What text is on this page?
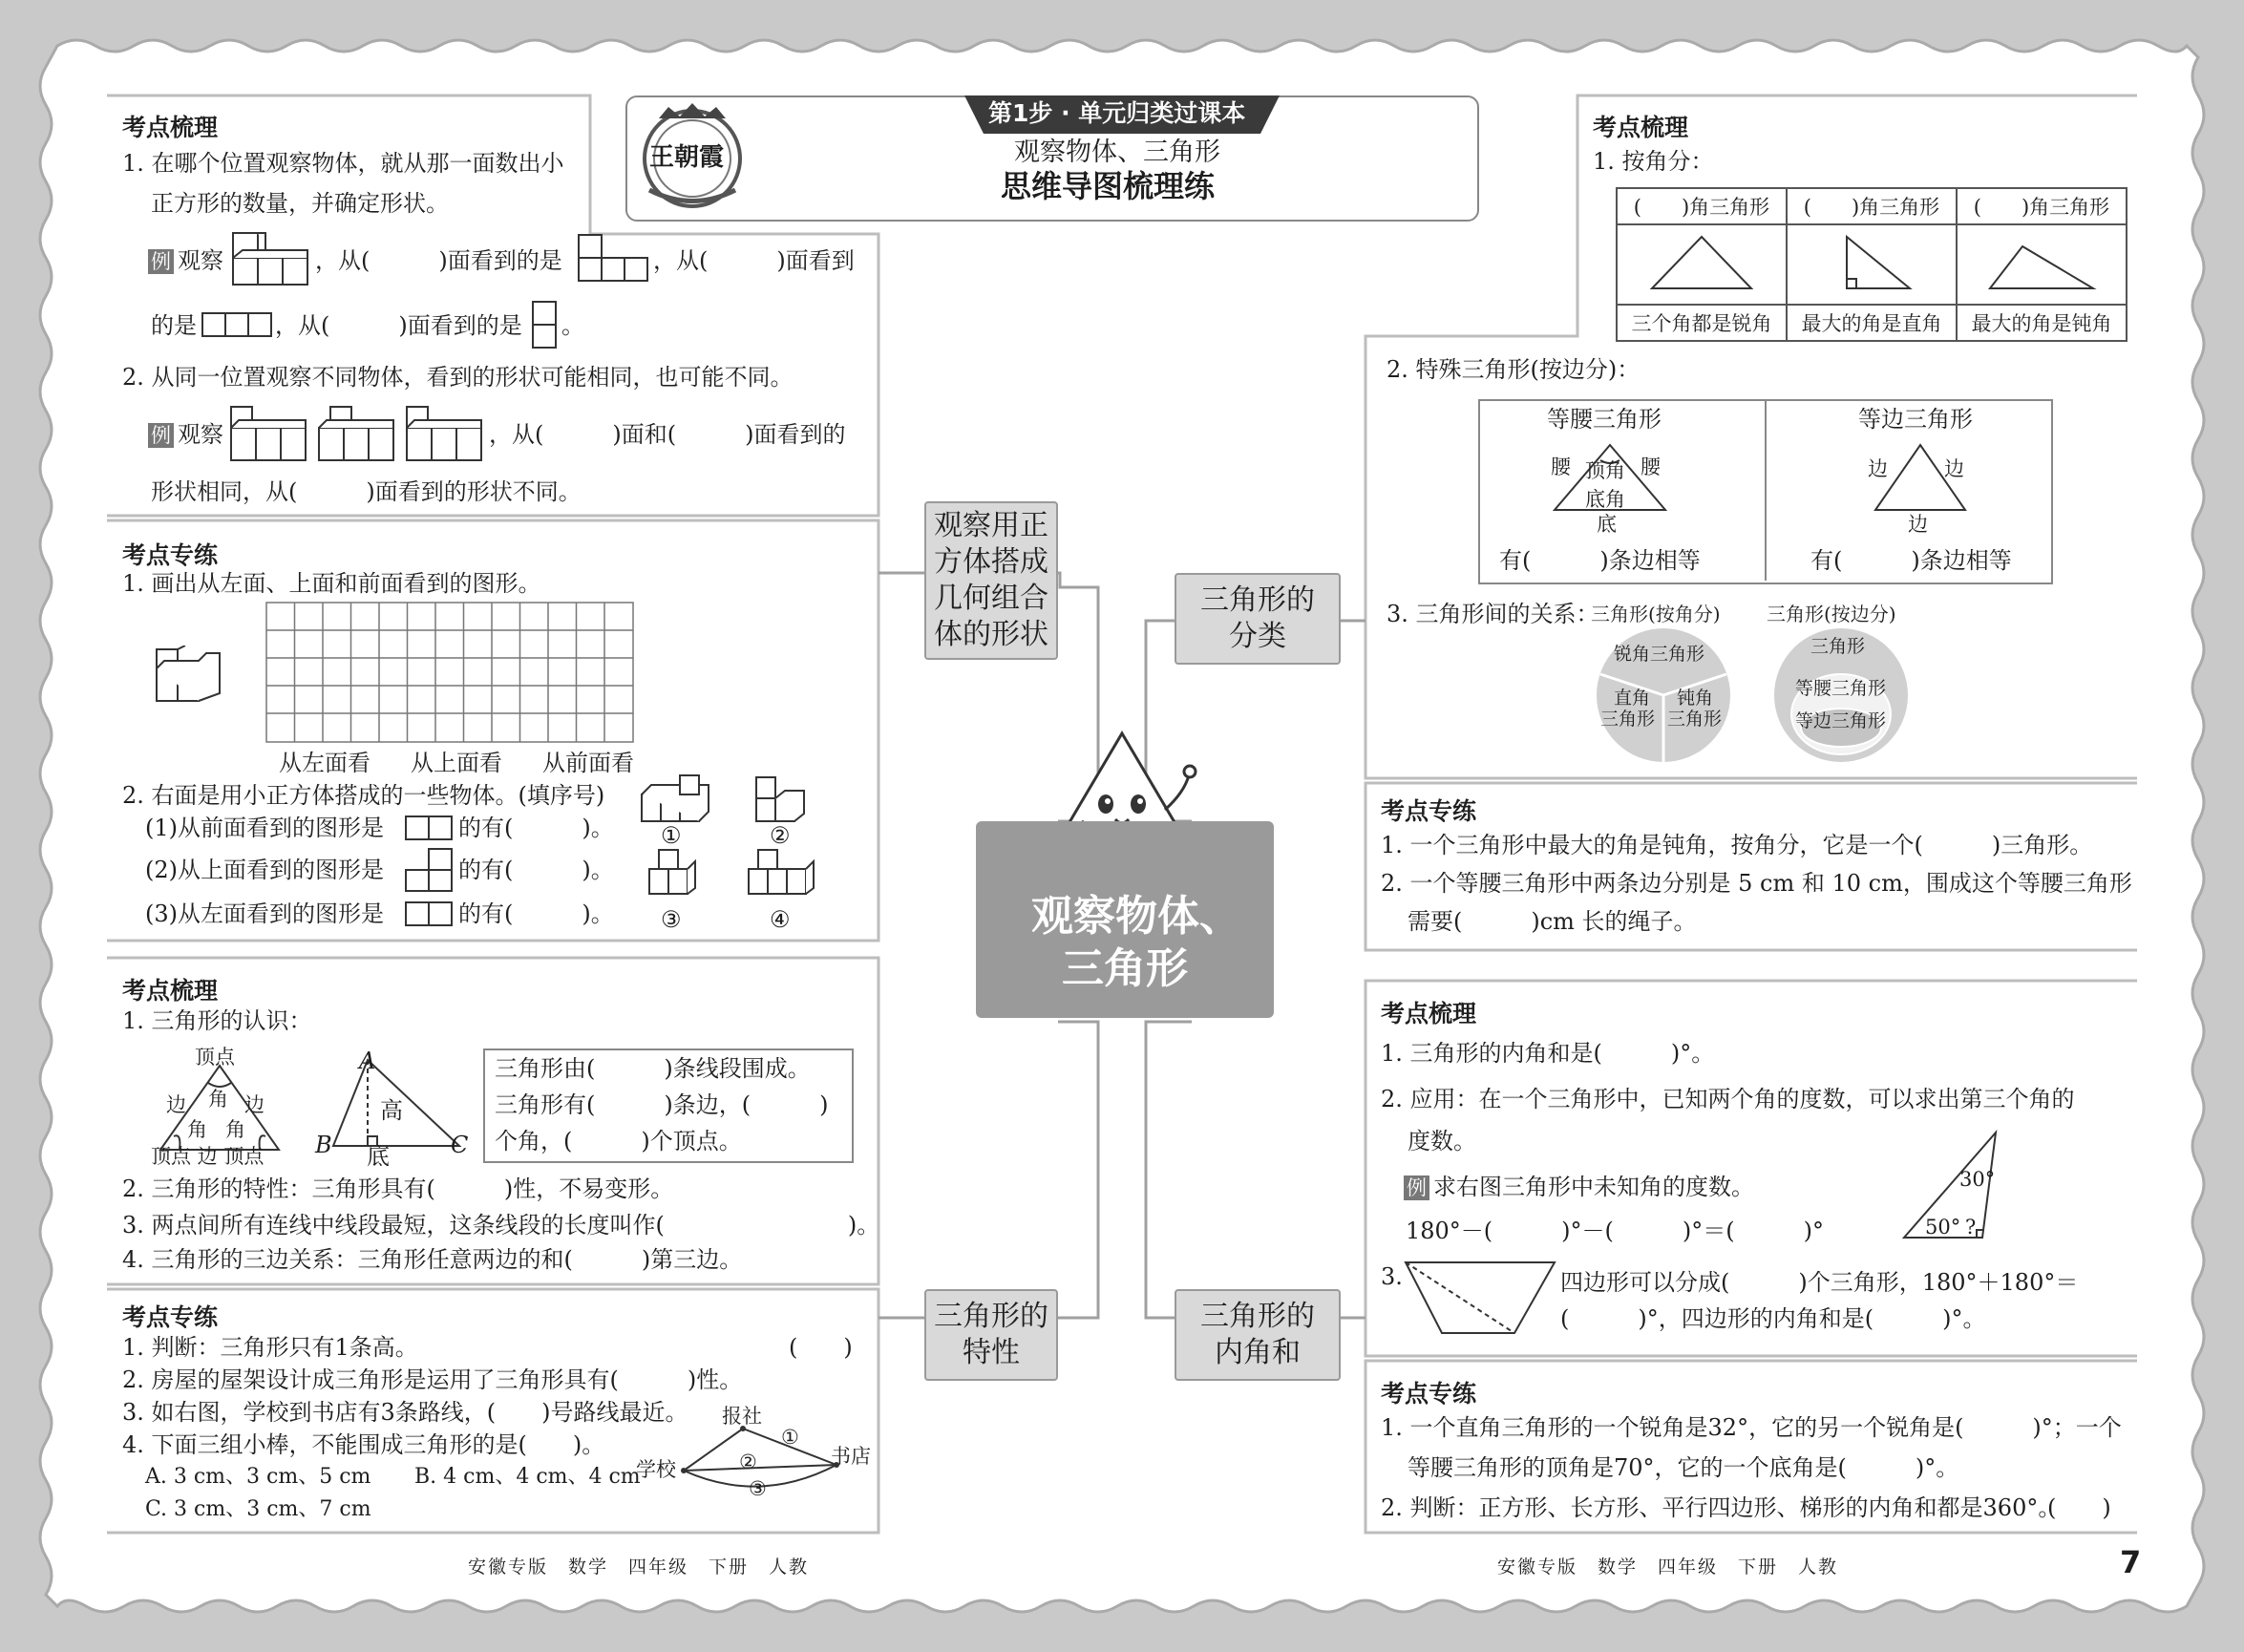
王朝霞
第1步 · 单元归类过课本
观察物体、三角形
思维导图梳理练
观察物体、
三角形
观察用正
方体搭成
几何组合
体的形状
三角形的
分类
三角形的
特性
三角形的
内角和
考点梳理
1. 在哪个位置观察物体，就从那一面数出小
正方形的数量，并确定形状。
例 观察	，从(　　　)面看到的是	，从(　　　)面看到
的是	，从(　　　)面看到的是 。
2. 从同一位置观察不同物体，看到的形状可能相同，也可能不同。
例 观察	，从(　　　)面和(　　　)面看到的
形状相同，从(　　　)面看到的形状不同。
考点专练
1. 画出从左面、上面和前面看到的图形。
从左面看 从上面看 从前面看
2. 右面是用小正方体搭成的一些物体。(填序号)
(1)从前面看到的图形是	的有(　　　)。
(2)从上面看到的图形是	的有(　　　)。
(3)从左面看到的图形是	的有(　　　)。
①	②
③	④
考点梳理
1. 三角形的认识：
顶点
边 角 边
角 角
顶点 边 顶点
A
B	C
高
底
三角形由(　　　)条线段围成。
三角形有(　　　)条边，(　　　)
个角，(　　　)个顶点。
2. 三角形的特性：三角形具有(　　　)性，不易变形。
3. 两点间所有连线中线段最短，这条线段的长度叫作(　　　　　　　　)。
4. 三角形的三边关系：三角形任意两边的和(　　　)第三边。
考点专练
1. 判断：三角形只有1条高。	(　　)
2. 房屋的屋架设计成三角形是运用了三角形具有(　　　)性。
3. 如右图，学校到书店有3条路线，(　　)号路线最近。
4. 下面三组小棒，不能围成三角形的是(　　)。
A. 3 cm、3 cm、5 cm B. 4 cm、4 cm、4 cm
C. 3 cm、3 cm、7 cm
学校
报社
书店
①
②
③
考点梳理
1. 按角分：
(　　)角三角形	(　　)角三角形	(　　)角三角形

三个角都是锐角	最大的角是直角	最大的角是钝角
2. 特殊三角形(按边分)：
等腰三角形	等边三角形
腰	腰
顶角
底角
底
边	边
边
有(　　　)条边相等	有(　　　)条边相等
3. 三角形间的关系：
三角形(按角分) 三角形(按边分)
锐角三角形
直角
三角形
钝角
三角形
三角形
等腰三角形
等边三角形
考点专练
1. 一个三角形中最大的角是钝角，按角分，它是一个(　　　)三角形。
2. 一个等腰三角形中两条边分别是 5 cm 和 10 cm，围成这个等腰三角形
需要(　　　)cm 长的绳子。
考点梳理
1. 三角形的内角和是(　　　)°。
2. 应用：在一个三角形中，已知两个角的度数，可以求出第三个角的
度数。
例 求右图三角形中未知角的度数。
180°－(　　　)°－(　　　)°＝(　　　)°
30°
50° ?
3.	四边形可以分成(　　　)个三角形，180°＋180°＝
(　　　)°，四边形的内角和是(　　　)°。
考点专练
1. 一个直角三角形的一个锐角是32°，它的另一个锐角是(　　　)°；一个
等腰三角形的顶角是70°，它的一个底角是(　　　)°。
2. 判断：正方形、长方形、平行四边形、梯形的内角和都是360°。
(　　)
安徽专版　数学　四年级　下册　人教	安徽专版　数学　四年级　下册　人教	7
